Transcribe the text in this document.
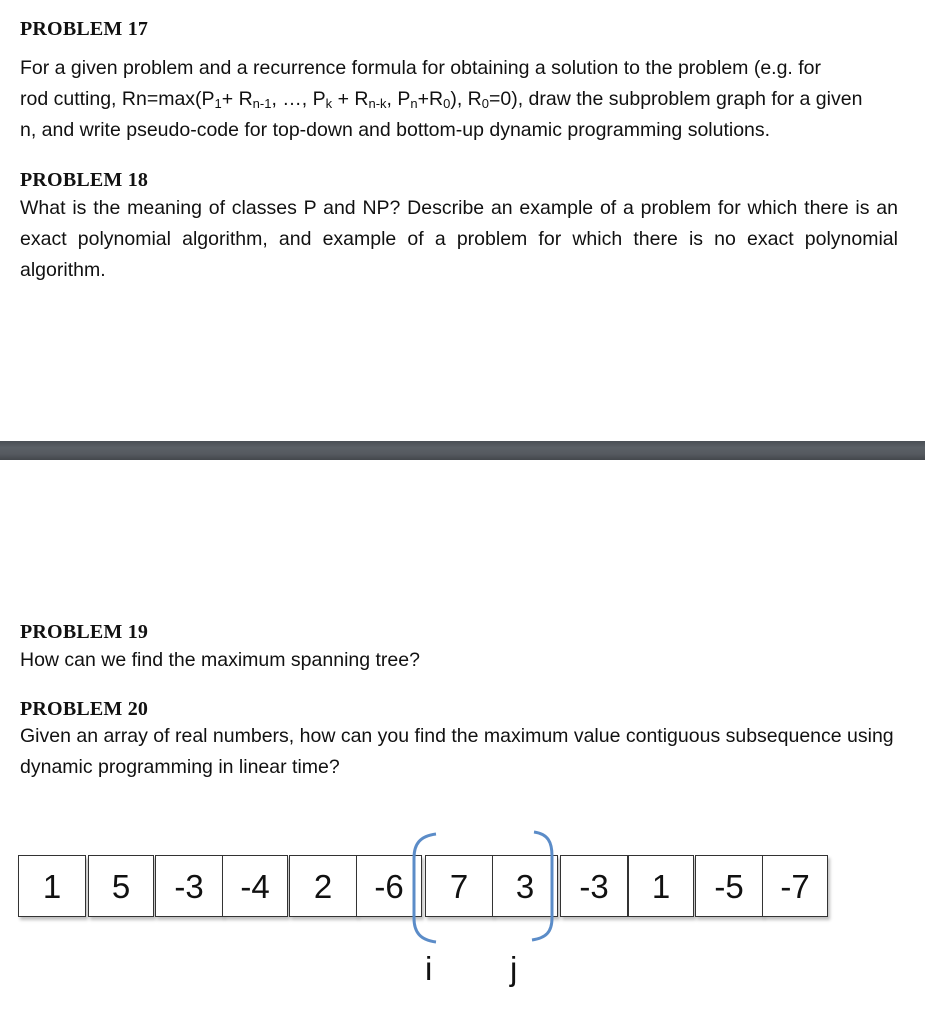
PROBLEM 17
For a given problem and a recurrence formula for obtaining a solution to the problem (e.g. for
rod cutting, $Rn=\max(P_1+ R_{n-1}$, …, $P_k + R_{n-k}$, $P_n+R_0$), $R_0=0$), draw the subproblem graph for a given
n, and write pseudo-code for top-down and bottom-up dynamic programming solutions.
PROBLEM 18

What is the meaning of classes P and NP? Describe an example of a problem for which there is an exact polynomial algorithm, and example of a problem for which there is no exact polynomial algorithm.

PROBLEM 19

How can we find the maximum spanning tree?

PROBLEM 20

Given an array of real numbers, how can you find the maximum value contiguous subsequence using dynamic programming in linear time?

1	5	-3	-4	2	-6	7	3	-3	1	-5	-7
i j
